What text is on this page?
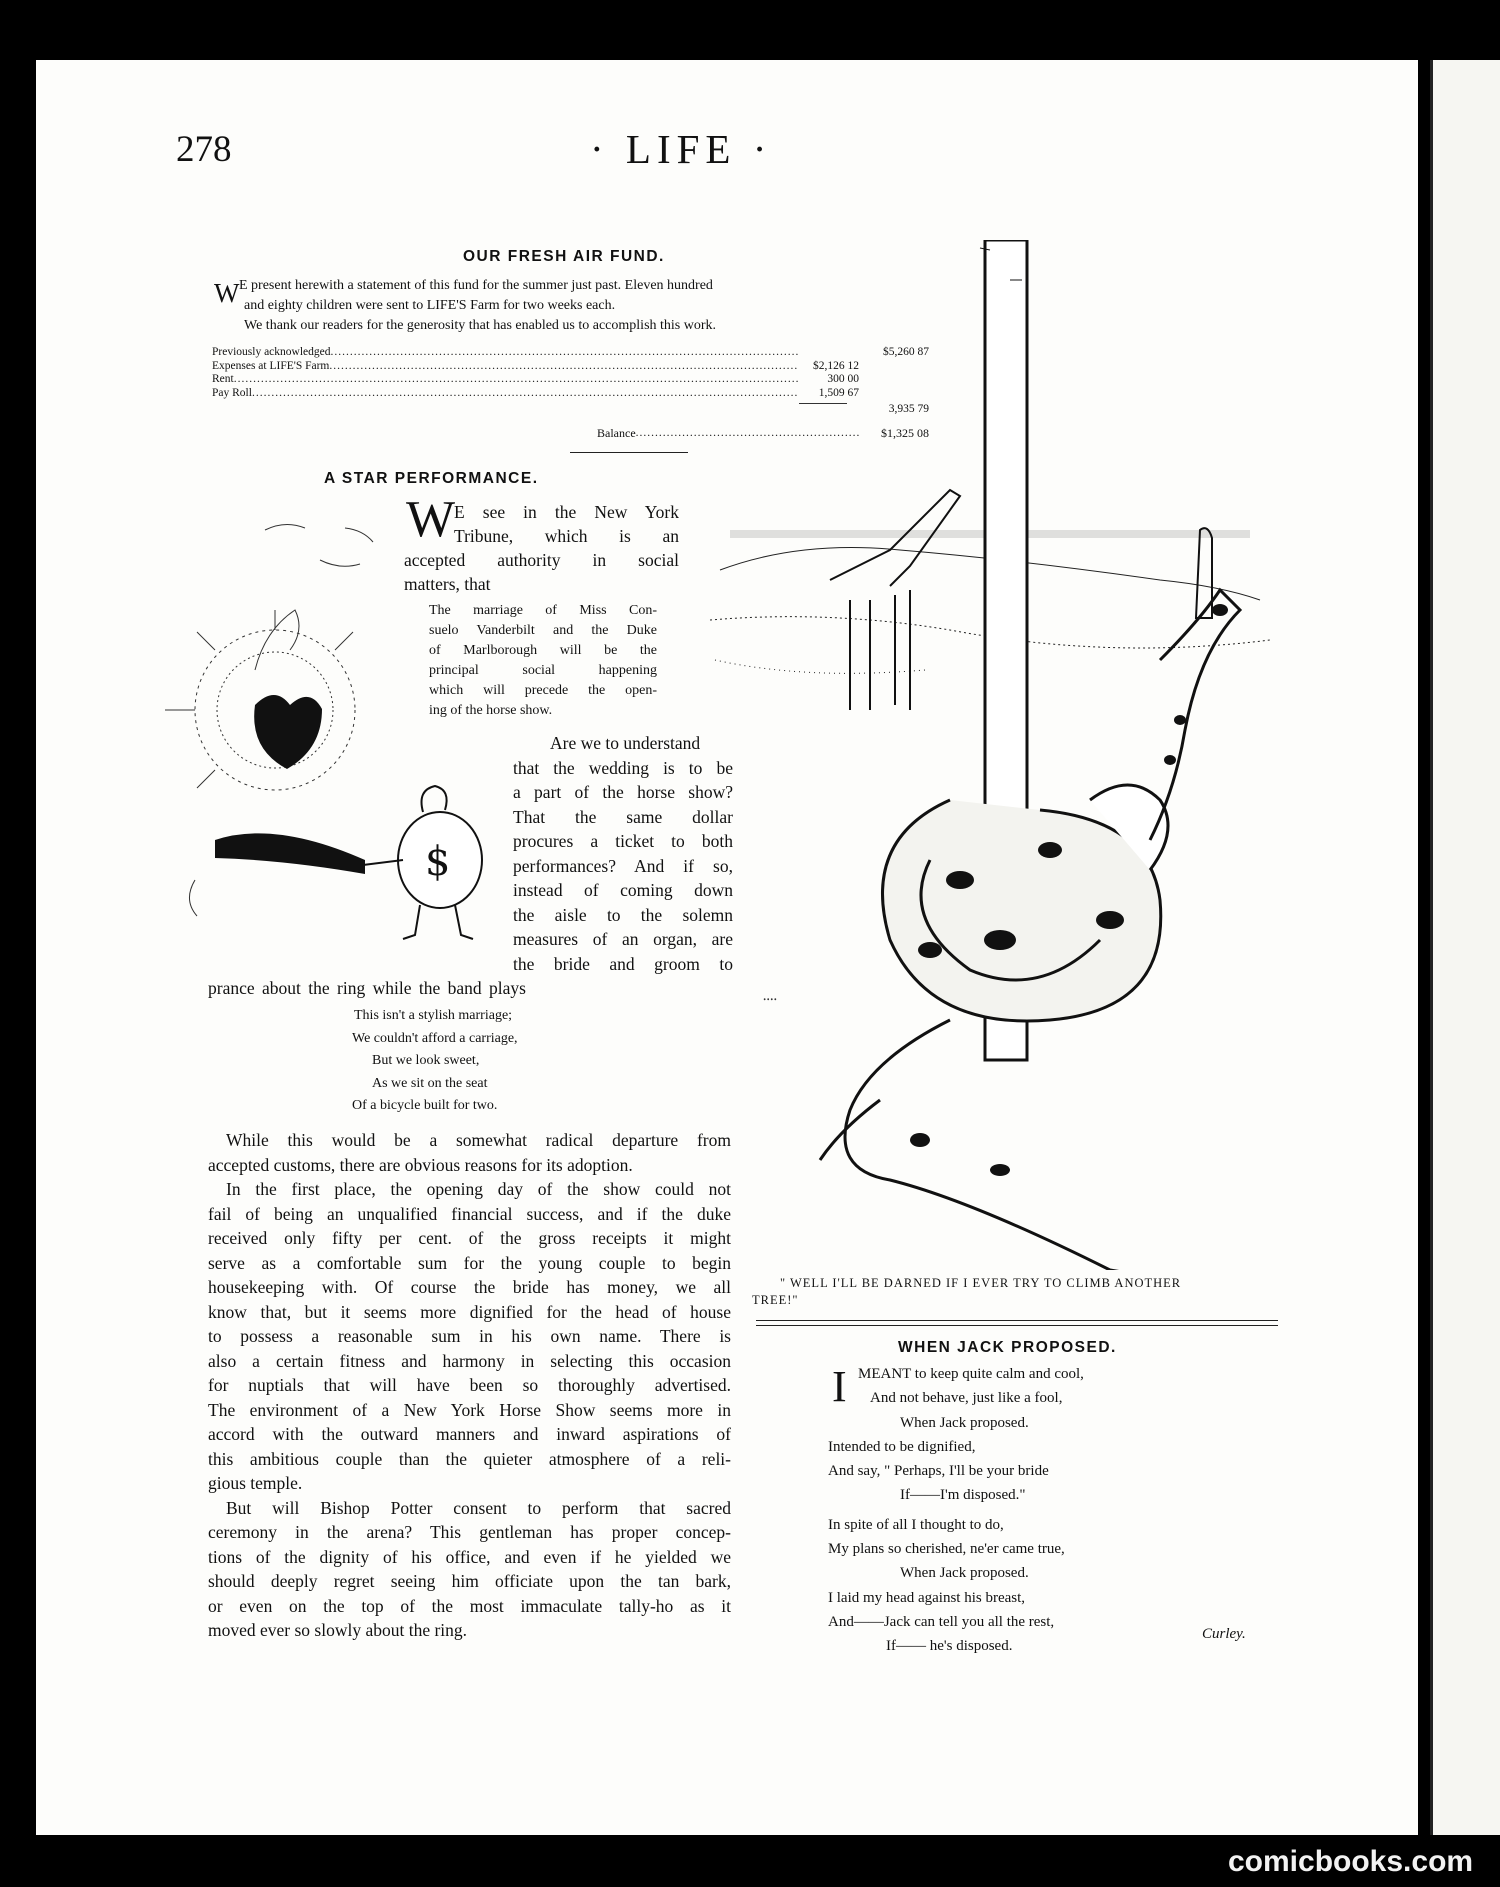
278	· LIFE ·
OUR FRESH AIR FUND.
W E present herewith a statement of this fund for the summer just past. Eleven hundred
and eighty children were sent to LIFE'S Farm for two weeks each.
We thank our readers for the generosity that has enabled us to accomplish this work.
Previously acknowledged .....	$5,260 87
Expenses at LIFE'S Farm .....	$2,126 12
Rent .....	300 00
Pay Roll .....	1,509 67
3,935 79
Balance .....	$1,325 08
A STAR PERFORMANCE.
W
E see in the New York
Tribune, which is an
accepted authority in social
matters, that
The marriage of Miss Con-
suelo Vanderbilt and the Duke
of Marlborough will be the
principal social happening
which will precede the open-
ing of the horse show.
Are we to understand
that the wedding is to be
a part of the horse show?
That the same dollar
procures a ticket to both
performances? And if so,
instead of coming down
the aisle to the solemn
measures of an organ, are
the bride and groom to
prance about the ring while the band plays
This isn't a stylish marriage;
We couldn't afford a carriage,
But we look sweet,
As we sit on the seat
Of a bicycle built for two.
While this would be a somewhat radical departure from
accepted customs, there are obvious reasons for its adoption.
In the first place, the opening day of the show could not
fail of being an unqualified financial success, and if the duke
received only fifty per cent. of the gross receipts it might
serve as a comfortable sum for the young couple to begin
housekeeping with. Of course the bride has money, we all
know that, but it seems more dignified for the head of house
to possess a reasonable sum in his own name. There is
also a certain fitness and harmony in selecting this occasion
for nuptials that will have been so thoroughly advertised.
The environment of a New York Horse Show seems more in
accord with the outward manners and inward aspirations of
this ambitious couple than the quieter atmosphere of a reli-
gious temple.
But will Bishop Potter consent to perform that sacred
ceremony in the arena? This gentleman has proper concep-
tions of the dignity of his office, and even if he yielded we
should deeply regret seeing him officiate upon the tan bark,
or even on the top of the most immaculate tally-ho as it
moved ever so slowly about the ring.
$
᠁
" WELL I'LL BE DARNED IF I EVER TRY TO CLIMB ANOTHER
TREE!"
WHEN JACK PROPOSED.
I MEANT to keep quite calm and cool,
And not behave, just like a fool,
When Jack proposed.
Intended to be dignified,
And say, " Perhaps, I'll be your bride
If——I'm disposed."
In spite of all I thought to do,
My plans so cherished, ne'er came true,
When Jack proposed.
I laid my head against his breast,
And——Jack can tell you all the rest,
If—— he's disposed.
Curley.
comicbooks.com
